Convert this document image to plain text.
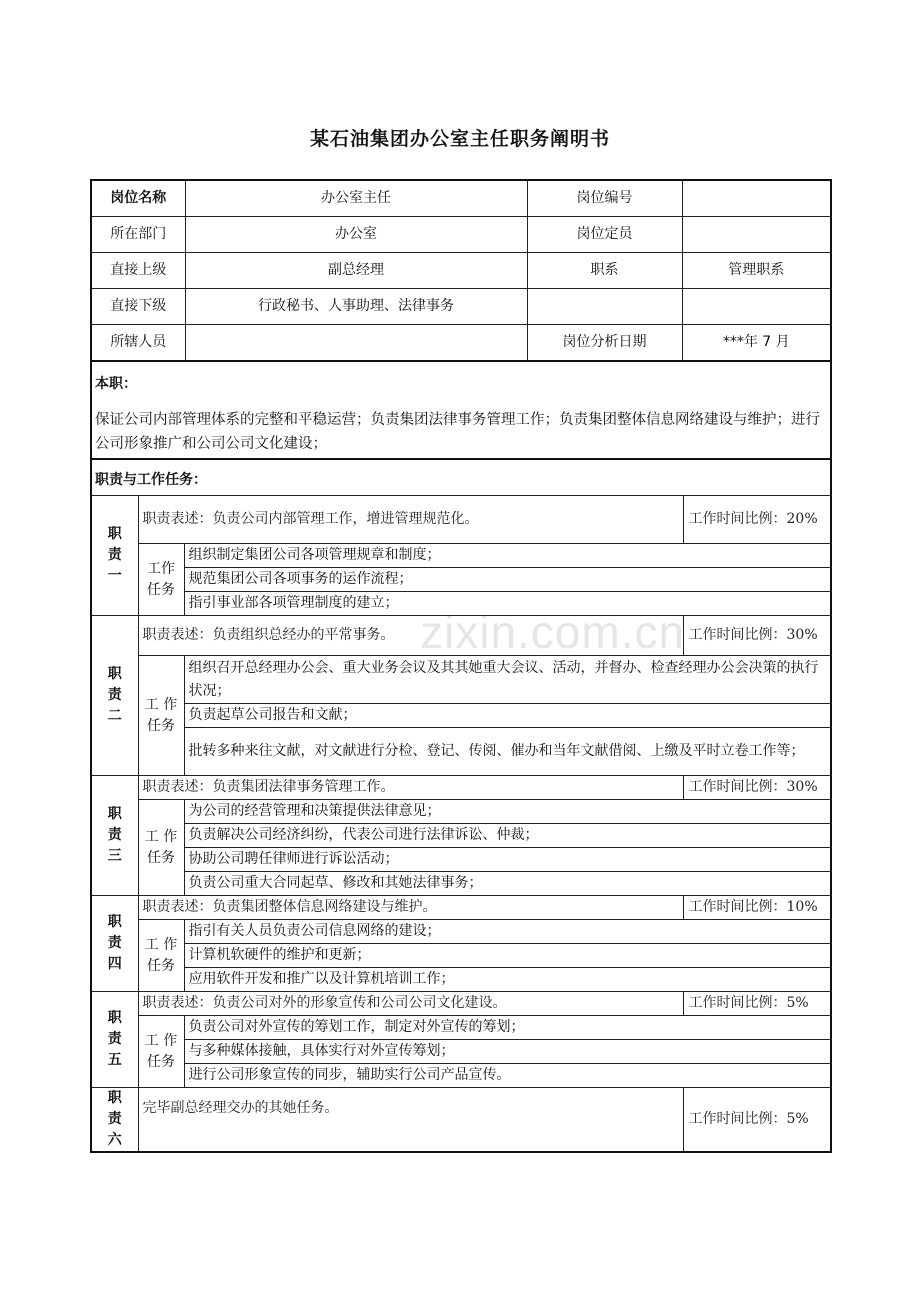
某石油集团办公室主任职务阐明书
zixin.com.cn
岗位名称	办公室主任	岗位编号	
所在部门	办公室	岗位定员	
直接上级	副总经理	职系	管理职系
直接下级	行政秘书、人事助理、法律事务		
所辖人员		岗位分析日期	***年 7 月
本职：
保证公司内部管理体系的完整和平稳运营；负责集团法律事务管理工作；负责集团整体信息网络建设与维护；进行公司形象推广和公司公司文化建设；
职责与工作任务：
职
责
一	职责表述：负责公司内部管理工作，增进管理规范化。		工作时间比例：20%
	工作
任务	组织制定集团公司各项管理规章和制度；	
		规范集团公司各项事务的运作流程；	
		指引事业部各项管理制度的建立；	
职
责
二	职责表述：负责组织总经办的平常事务。		工作时间比例：30%
	工 作
任务	组织召开总经理办公会、重大业务会议及其其她重大会议、活动，并督办、检查经理办公会决策的执行状况；	
		负责起草公司报告和文献；	
		批转多种来往文献，对文献进行分检、登记、传阅、催办和当年文献借阅、上缴及平时立卷工作等；	
职
责
三	职责表述：负责集团法律事务管理工作。		工作时间比例：30%
	工 作
任务	为公司的经营管理和决策提供法律意见；	
		负责解决公司经济纠纷，代表公司进行法律诉讼、仲裁；	
		协助公司聘任律师进行诉讼活动；	
		负责公司重大合同起草、修改和其她法律事务；	
职
责
四	职责表述：负责集团整体信息网络建设与维护。		工作时间比例：10%
	工 作
任务	指引有关人员负责公司信息网络的建设；	
		计算机软硬件的维护和更新；	
		应用软件开发和推广以及计算机培训工作；	
职
责
五	职责表述：负责公司对外的形象宣传和公司公司文化建设。		工作时间比例：5%
	工 作
任务	负责公司对外宣传的筹划工作，制定对外宣传的筹划；	
		与多种媒体接触，具体实行对外宣传筹划；	
		进行公司形象宣传的同步，辅助实行公司产品宣传。	
职
责
六	完毕副总经理交办的其她任务。		工作时间比例：5%
